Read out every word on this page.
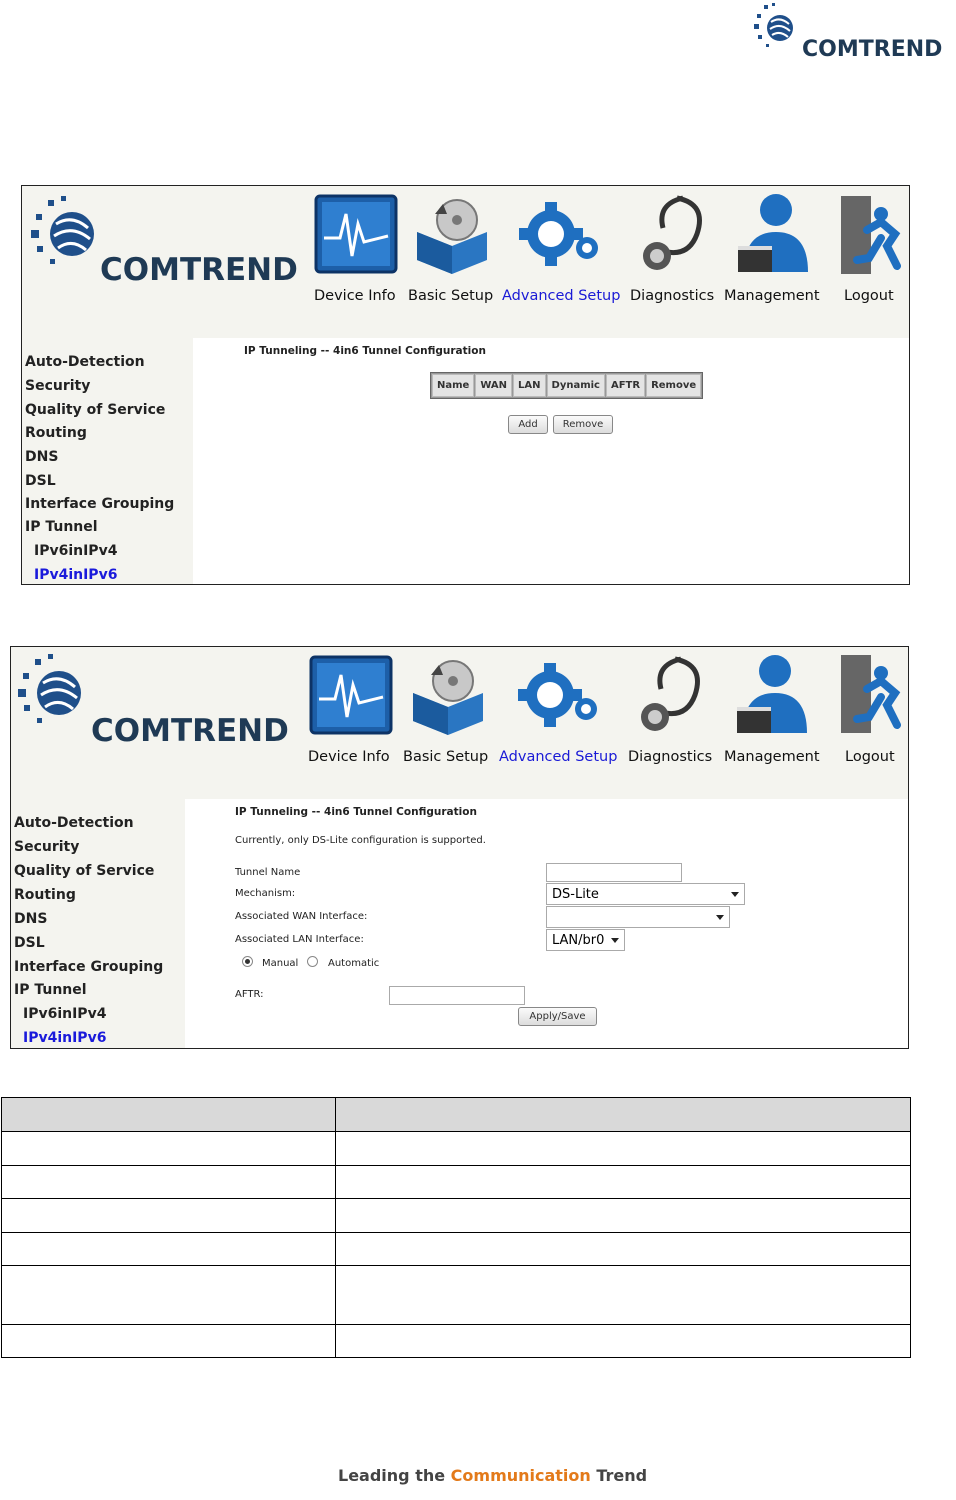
COMTREND
COMTREND
Device Info Basic Setup Advanced Setup Diagnostics Management Logout
Auto-Detection
Security
Quality of Service
Routing
DNS
DSL
Interface Grouping
IP Tunnel
IPv6inIPv4
IPv4inIPv6
IP Tunneling -- 4in6 Tunnel Configuration
Name	WAN	LAN	Dynamic	AFTR	Remove
Add	Remove
COMTREND
Device Info Basic Setup Advanced Setup Diagnostics Management Logout
Auto-Detection
Security
Quality of Service
Routing
DNS
DSL
Interface Grouping
IP Tunnel
IPv6inIPv4
IPv4inIPv6
IP Tunneling -- 4in6 Tunnel Configuration
Currently, only DS-Lite configuration is supported.
Tunnel Name
Mechanism:	DS-Lite
Associated WAN Interface:
Associated LAN Interface:	LAN/br0
Manual	Automatic
AFTR:
Apply/Save

Leading the Communication Trend
